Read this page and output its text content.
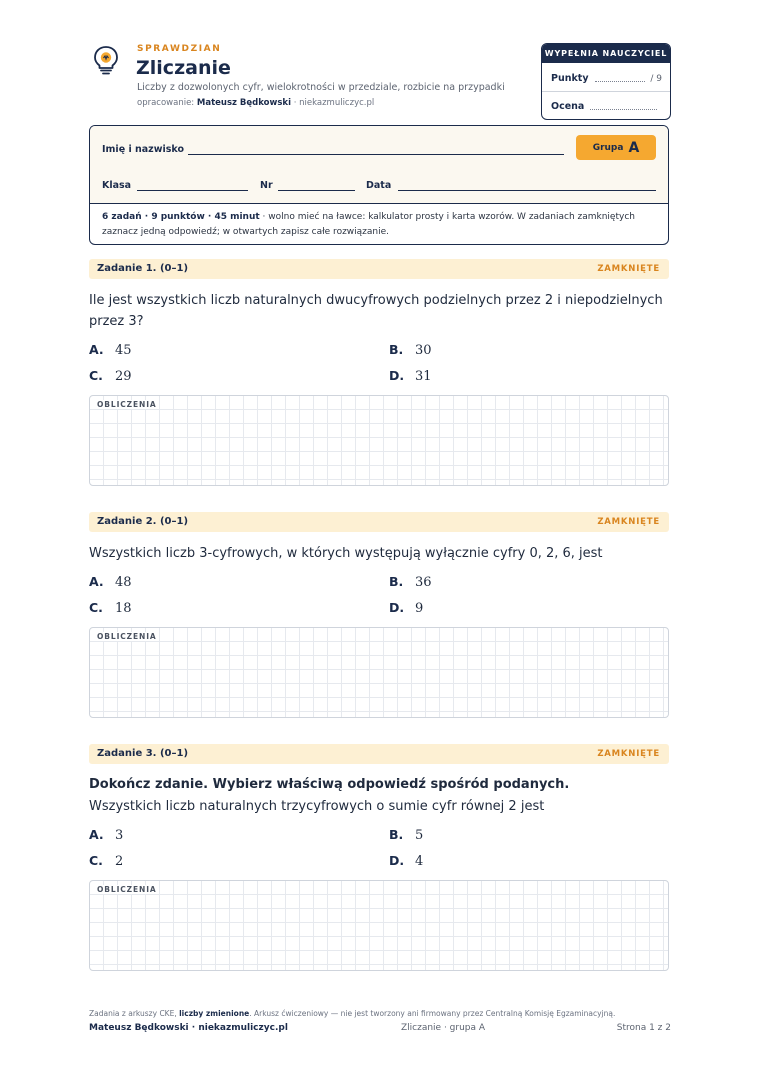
SPRAWDZIAN
Zliczanie
Liczby z dozwolonych cyfr, wielokrotności w przedziale, rozbicie na przypadki
opracowanie: Mateusz Będkowski · niekazmuliczyc.pl
WYPEŁNIA NAUCZYCIEL
Punkty	/ 9
Ocena
Imię i nazwisko	Grupa A
Klasa	Nr	Data
6 zadań · 9 punktów · 45 minut · wolno mieć na ławce: kalkulator prosty i karta wzorów. W zadaniach zamkniętych zaznacz jedną odpowiedź; w otwartych zapisz całe rozwiązanie.
Zadanie 1. (0–1)	ZAMKNIĘTE
Ile jest wszystkich liczb naturalnych dwucyfrowych podzielnych przez 2 i niepodzielnych przez 3?
A. 45	B. 30
C. 29	D. 31
OBLICZENIA
Zadanie 2. (0–1)	ZAMKNIĘTE
Wszystkich liczb 3-cyfrowych, w których występują wyłącznie cyfry 0, 2, 6, jest
A. 48	B. 36
C. 18	D. 9
OBLICZENIA
Zadanie 3. (0–1)	ZAMKNIĘTE
Dokończ zdanie. Wybierz właściwą odpowiedź spośród podanych.
Wszystkich liczb naturalnych trzycyfrowych o sumie cyfr równej 2 jest
A. 3	B. 5
C. 2	D. 4
OBLICZENIA
Zadania z arkuszy CKE, liczby zmienione. Arkusz ćwiczeniowy — nie jest tworzony ani firmowany przez Centralną Komisję Egzaminacyjną.
Mateusz Będkowski · niekazmuliczyc.pl	Zliczanie · grupa A	Strona 1 z 2
